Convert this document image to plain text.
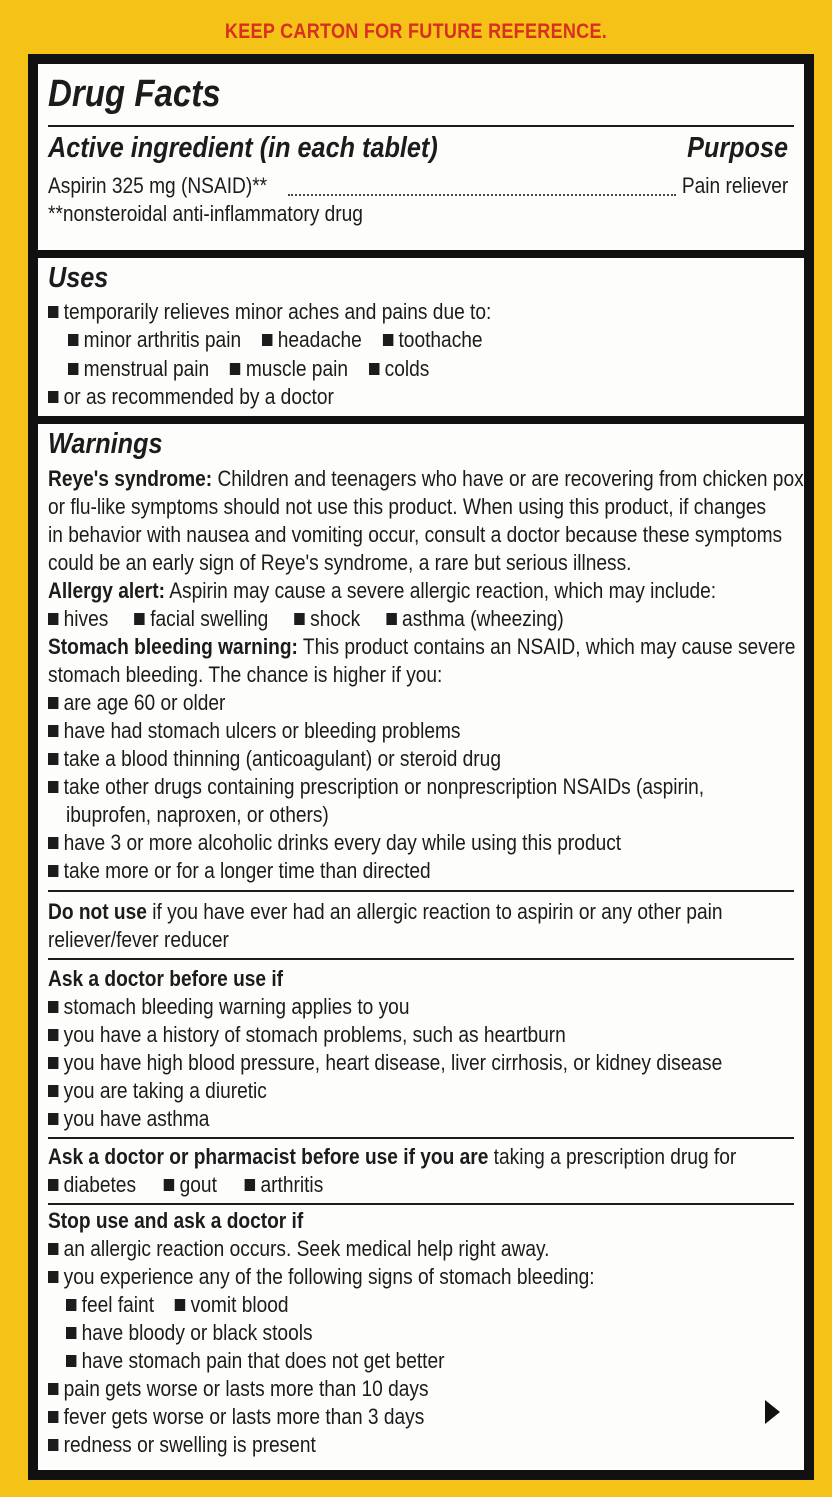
KEEP CARTON FOR FUTURE REFERENCE.
Drug Facts
Active ingredient (in each tablet)	Purpose
Aspirin 325 mg (NSAID)**	Pain reliever
**nonsteroidal anti-inflammatory drug
Uses
temporarily relieves minor aches and pains due to:
minor arthritis pain headache toothache
menstrual pain muscle pain colds
or as recommended by a doctor
Warnings
Reye's syndrome: Children and teenagers who have or are recovering from chicken pox
or flu-like symptoms should not use this product. When using this product, if changes
in behavior with nausea and vomiting occur, consult a doctor because these symptoms
could be an early sign of Reye's syndrome, a rare but serious illness.
Allergy alert: Aspirin may cause a severe allergic reaction, which may include:
hives facial swelling shock asthma (wheezing)
Stomach bleeding warning: This product contains an NSAID, which may cause severe
stomach bleeding. The chance is higher if you:
are age 60 or older
have had stomach ulcers or bleeding problems
take a blood thinning (anticoagulant) or steroid drug
take other drugs containing prescription or nonprescription NSAIDs (aspirin,
ibuprofen, naproxen, or others)
have 3 or more alcoholic drinks every day while using this product
take more or for a longer time than directed
Do not use if you have ever had an allergic reaction to aspirin or any other pain
reliever/fever reducer
Ask a doctor before use if
stomach bleeding warning applies to you
you have a history of stomach problems, such as heartburn
you have high blood pressure, heart disease, liver cirrhosis, or kidney disease
you are taking a diuretic
you have asthma
Ask a doctor or pharmacist before use if you are taking a prescription drug for
diabetes gout arthritis
Stop use and ask a doctor if
an allergic reaction occurs. Seek medical help right away.
you experience any of the following signs of stomach bleeding:
feel faint vomit blood
have bloody or black stools
have stomach pain that does not get better
pain gets worse or lasts more than 10 days
fever gets worse or lasts more than 3 days
redness or swelling is present
